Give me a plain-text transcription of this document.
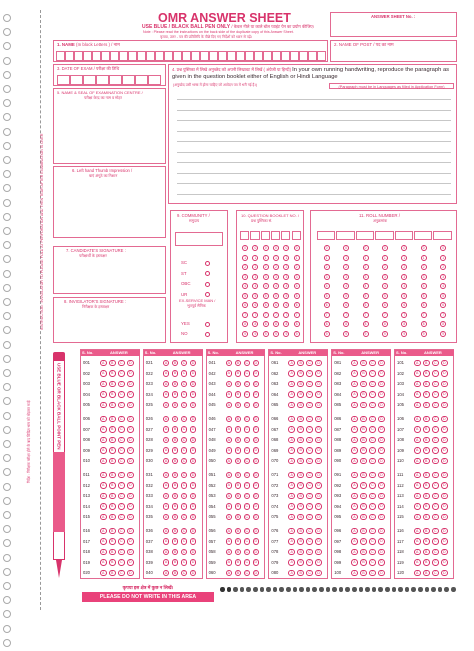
INSTRUCTION : INVIGILATOR TO PLEASE FOLD AT PERFORATION AND THEN TEAR AFTER EXAMINATION IS OVER
निर्देश : निरीक्षक परीक्षा होने के बाद छिद्रित भाग को मोड़कर फाड़ें	USE BLUE OR BLACK BALL POINT PEN
OMR ANSWER SHEET
USE BLUE / BLACK BALL PEN ONLY / केवल नीले या काले बॉल प्वाइंट पेन का प्रयोग कीजिए।
Note : Please read the instructions on the back side of the duplicate copy of this Answer Sheet.
कृपया, उत्तर - पत्र की प्रतिलिपि के पीछे दिए गए निर्देशों को ध्यान से पढ़ें।
ANSWER SHEET No. :
1. NAME (In block Letters ) / नाम	2. NAME OF POST / पद का नाम
3. DATE OF EXAM / परीक्षा की तिथि	4. प्रश्न पुस्तिका में लिखे अनुच्छेद को अपनी लिखावट में लिखें ( अंग्रेजी या हिन्दी) In your own running handwriting, reproduce the paragraph as given in the question booklet either of English or Hindi Language
(अनुच्छेद उसी भाषा में होना चाहिए जो आवेदन पत्र में भरी गई है।)	(Paragraph must be in Languages as filled in Application Form)
5. NAME & SEAL OF EXAMINATION CENTRE /
परीक्षा केन्द्र का नाम व मोहर
6. Left hand Thumb Impression /
बाएं अंगूठे का निशान
7. CANDIDATE'S SIGNATURE :
परीक्षार्थी के हस्ताक्षर
8. INVIGILATOR'S SIGNATURE :
निरीक्षक के हस्ताक्षर
9. COMMUNITY /
समुदाय
SC
ST
OBC
UR
EX-SERVICE MAN /
भूतपूर्व सैनिक
YES
NO
10. QUESTION BOOKLET NO. /
प्रश्न पुस्तिका सं.
0
1
2
3
4
5
6
7
8
9
0
1
2
3
4
5
6
7
8
9
0
1
2
3
4
5
6
7
8
9
0
1
2
3
4
5
6
7
8
9
0
1
2
3
4
5
6
7
8
9
0
1
2
3
4
5
6
7
8
9
11. ROLL NUMBER /
अनुक्रमांक
0
1
2
3
4
5
6
7
8
9
0
1
2
3
4
5
6
7
8
9
0
1
2
3
4
5
6
7
8
9
0
1
2
3
4
5
6
7
8
9
0
1
2
3
4
5
6
7
8
9
0
1
2
3
4
5
6
7
8
9
0
1
2
3
4
5
6
7
8
9
S. No.	ANSWER
001	A	B	C	D
002	A	B	C	D
003	A	B	C	D
004	A	B	C	D
005	A	B	C	D
006	A	B	C	D
007	A	B	C	D
008	A	B	C	D
009	A	B	C	D
010	A	B	C	D
011	A	B	C	D
012	A	B	C	D
013	A	B	C	D
014	A	B	C	D
015	A	B	C	D
016	A	B	C	D
017	A	B	C	D
018	A	B	C	D
019	A	B	C	D
020	A	B	C	D
S. No.	ANSWER
021	A	B	C	D
022	A	B	C	D
023	A	B	C	D
024	A	B	C	D
025	A	B	C	D
026	A	B	C	D
027	A	B	C	D
028	A	B	C	D
029	A	B	C	D
030	A	B	C	D
031	A	B	C	D
032	A	B	C	D
033	A	B	C	D
034	A	B	C	D
035	A	B	C	D
036	A	B	C	D
037	A	B	C	D
038	A	B	C	D
039	A	B	C	D
040	A	B	C	D
S. No.	ANSWER
041	A	B	C	D
042	A	B	C	D
043	A	B	C	D
044	A	B	C	D
045	A	B	C	D
046	A	B	C	D
047	A	B	C	D
048	A	B	C	D
049	A	B	C	D
050	A	B	C	D
051	A	B	C	D
052	A	B	C	D
053	A	B	C	D
054	A	B	C	D
055	A	B	C	D
056	A	B	C	D
057	A	B	C	D
058	A	B	C	D
059	A	B	C	D
060	A	B	C	D
S. No.	ANSWER
061	A	B	C	D
062	A	B	C	D
063	A	B	C	D
064	A	B	C	D
065	A	B	C	D
066	A	B	C	D
067	A	B	C	D
068	A	B	C	D
069	A	B	C	D
070	A	B	C	D
071	A	B	C	D
072	A	B	C	D
073	A	B	C	D
074	A	B	C	D
075	A	B	C	D
076	A	B	C	D
077	A	B	C	D
078	A	B	C	D
079	A	B	C	D
080	A	B	C	D
S. No.	ANSWER
081	A	B	C	D
082	A	B	C	D
083	A	B	C	D
084	A	B	C	D
085	A	B	C	D
086	A	B	C	D
087	A	B	C	D
088	A	B	C	D
089	A	B	C	D
090	A	B	C	D
091	A	B	C	D
092	A	B	C	D
093	A	B	C	D
094	A	B	C	D
095	A	B	C	D
096	A	B	C	D
097	A	B	C	D
098	A	B	C	D
099	A	B	C	D
100	A	B	C	D
S. No.	ANSWER
101	A	B	C	D
102	A	B	C	D
103	A	B	C	D
104	A	B	C	D
105	A	B	C	D
106	A	B	C	D
107	A	B	C	D
108	A	B	C	D
109	A	B	C	D
110	A	B	C	D
111	A	B	C	D
112	A	B	C	D
113	A	B	C	D
114	A	B	C	D
115	A	B	C	D
116	A	B	C	D
117	A	B	C	D
118	A	B	C	D
119	A	B	C	D
120	A	B	C	D
कृपया इस क्षेत्र में कुछ न लिखें।
PLEASE DO NOT WRITE IN THIS AREA
